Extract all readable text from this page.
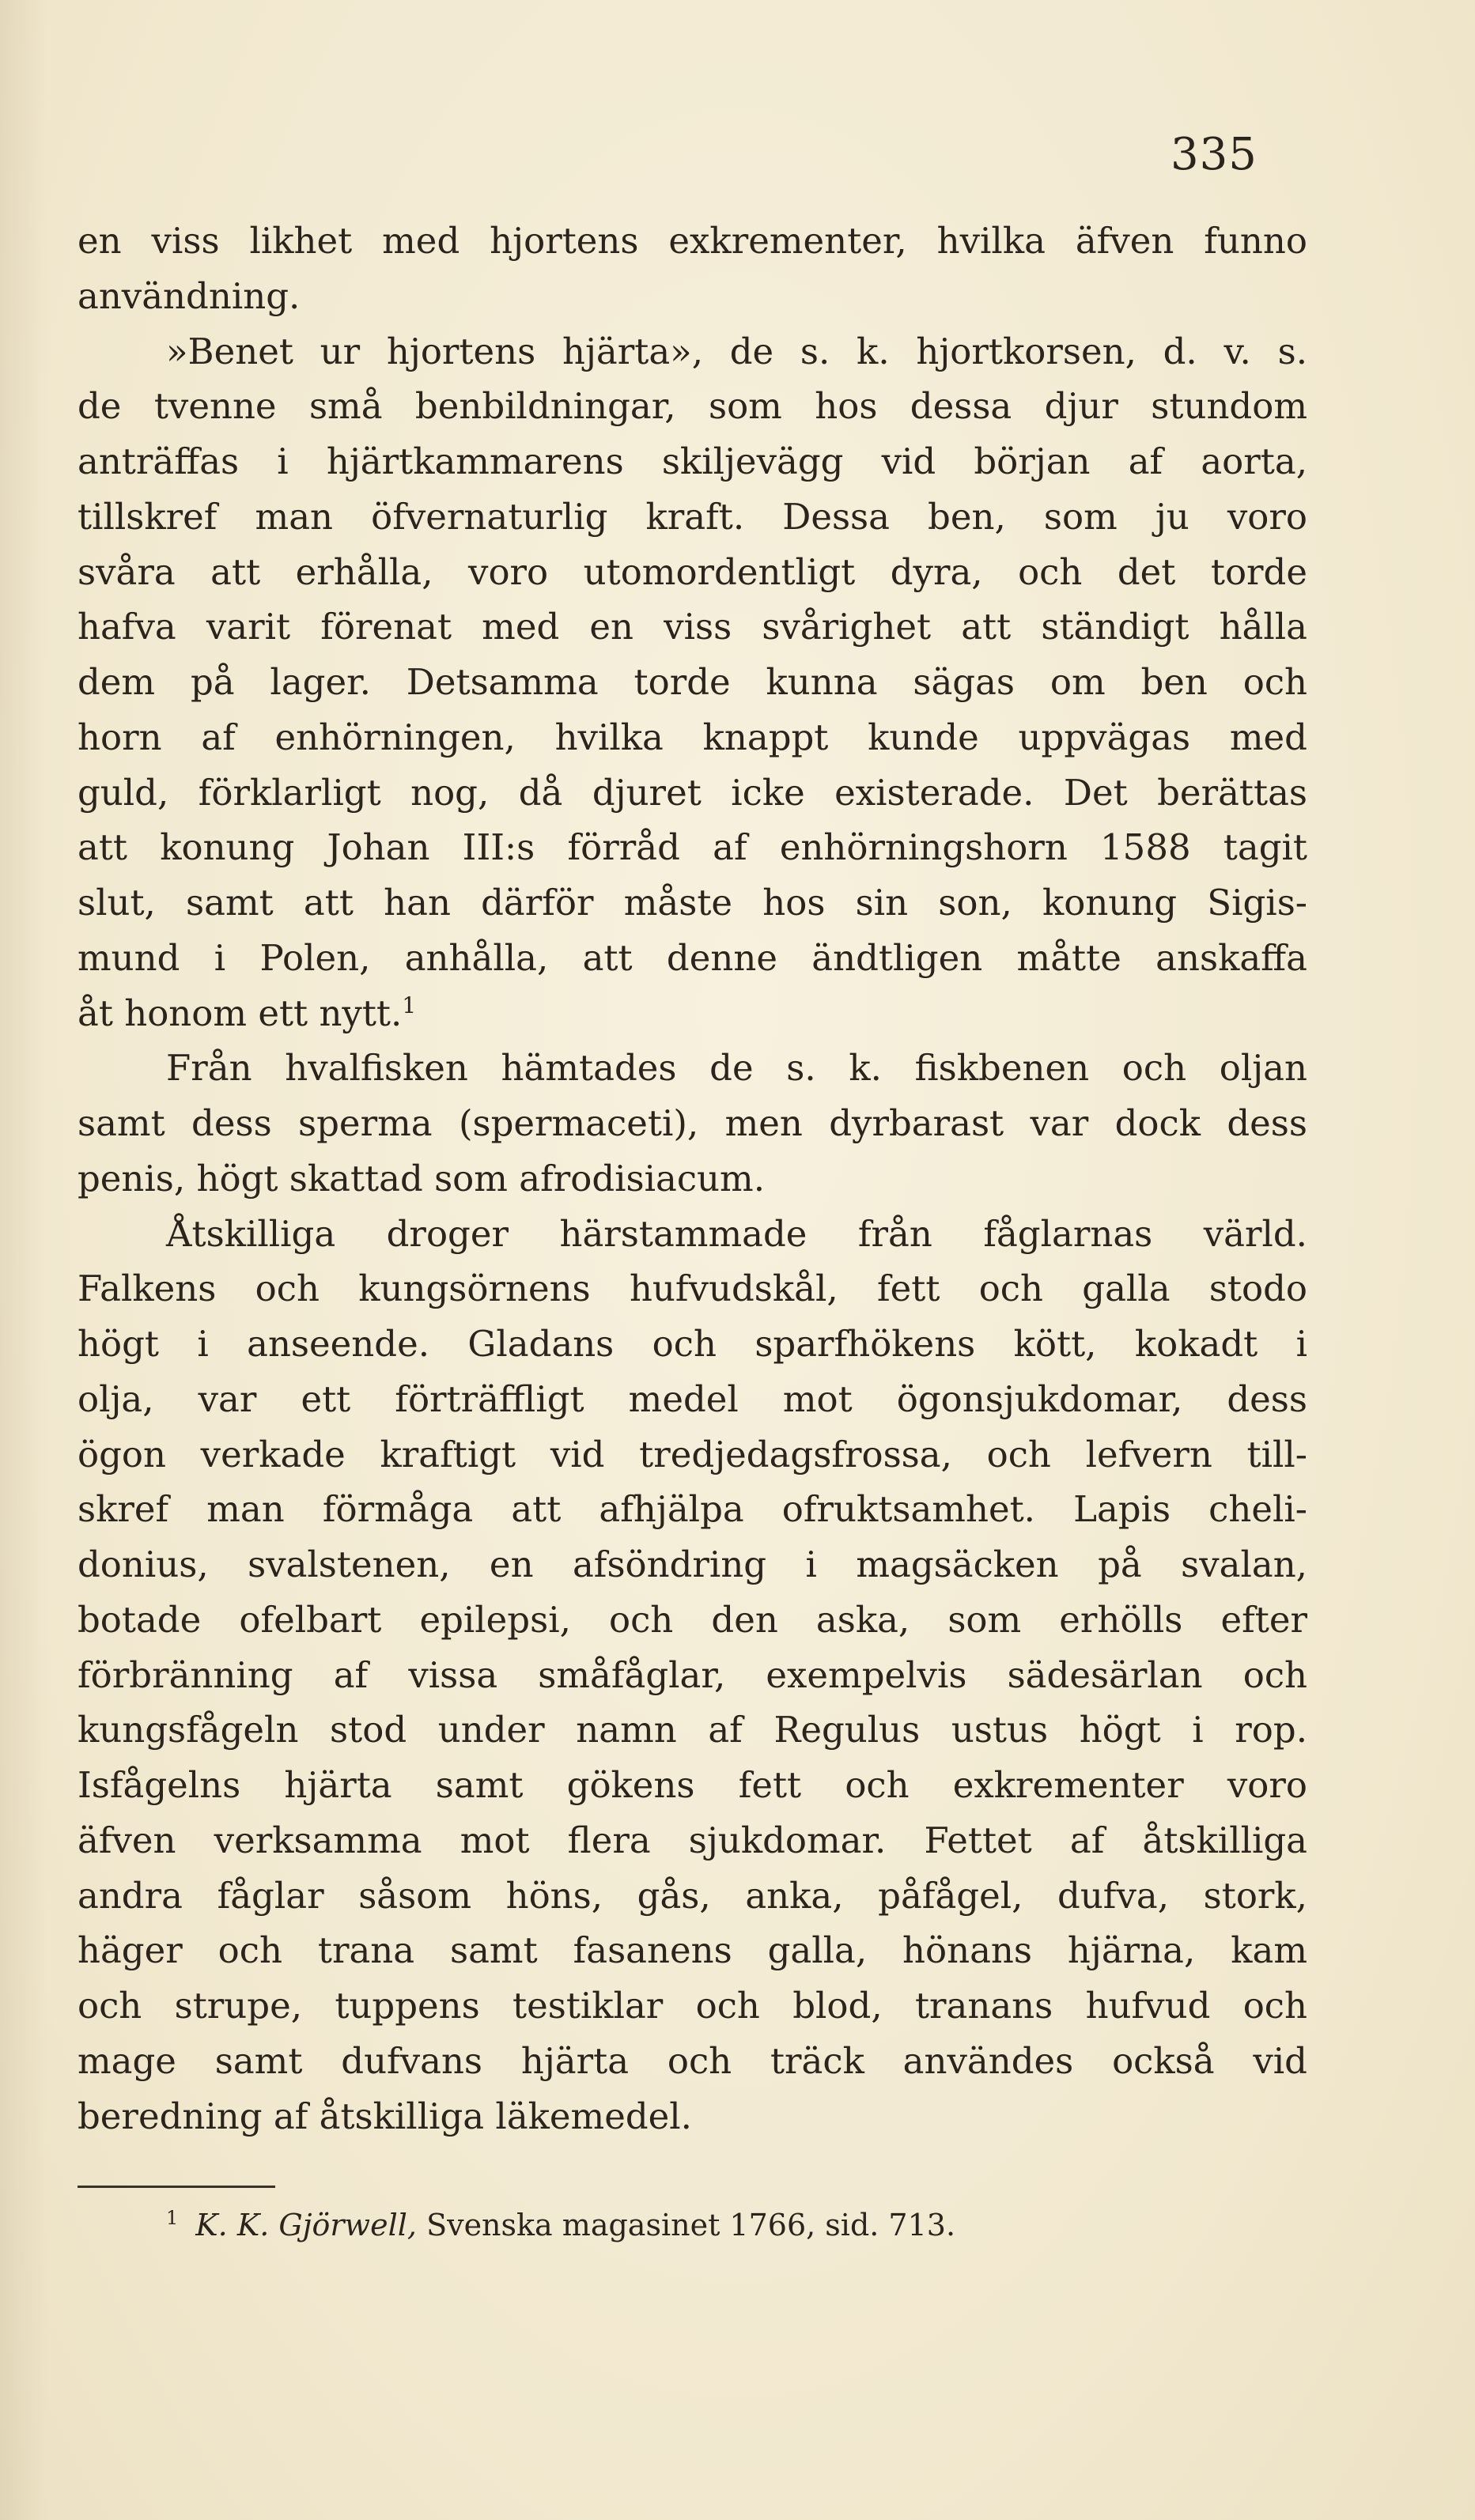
335
en viss likhet med hjortens exkrementer, hvilka äfven funno
användning.
»Benet ur hjortens hjärta», de s. k. hjortkorsen, d. v. s.
de tvenne små benbildningar, som hos dessa djur stundom
anträffas i hjärtkammarens skiljevägg vid början af aorta,
tillskref man öfvernaturlig kraft. Dessa ben, som ju voro
svåra att erhålla, voro utomordentligt dyra, och det torde
hafva varit förenat med en viss svårighet att ständigt hålla
dem på lager. Detsamma torde kunna sägas om ben och
horn af enhörningen, hvilka knappt kunde uppvägas med
guld, förklarligt nog, då djuret icke existerade. Det berättas
att konung Johan III:s förråd af enhörningshorn 1588 tagit
slut, samt att han därför måste hos sin son, konung Sigis-
mund i Polen, anhålla, att denne ändtligen måtte anskaffa
åt honom ett nytt.$^1$
Från hvalfisken hämtades de s. k. fiskbenen och oljan
samt dess sperma (spermaceti), men dyrbarast var dock dess
penis, högt skattad som afrodisiacum.
Åtskilliga droger härstammade från fåglarnas värld.
Falkens och kungsörnens hufvudskål, fett och galla stodo
högt i anseende. Gladans och sparfhökens kött, kokadt i
olja, var ett förträffligt medel mot ögonsjukdomar, dess
ögon verkade kraftigt vid tredjedagsfrossa, och lefvern till-
skref man förmåga att afhjälpa ofruktsamhet. Lapis cheli-
donius, svalstenen, en afsöndring i magsäcken på svalan,
botade ofelbart epilepsi, och den aska, som erhölls efter
förbränning af vissa småfåglar, exempelvis sädesärlan och
kungsfågeln stod under namn af Regulus ustus högt i rop.
Isfågelns hjärta samt gökens fett och exkrementer voro
äfven verksamma mot flera sjukdomar. Fettet af åtskilliga
andra fåglar såsom höns, gås, anka, påfågel, dufva, stork,
häger och trana samt fasanens galla, hönans hjärna, kam
och strupe, tuppens testiklar och blod, tranans hufvud och
mage samt dufvans hjärta och träck användes också vid
beredning af åtskilliga läkemedel.
$^1$ K. K. Gjörwell, Svenska magasinet 1766, sid. 713.
